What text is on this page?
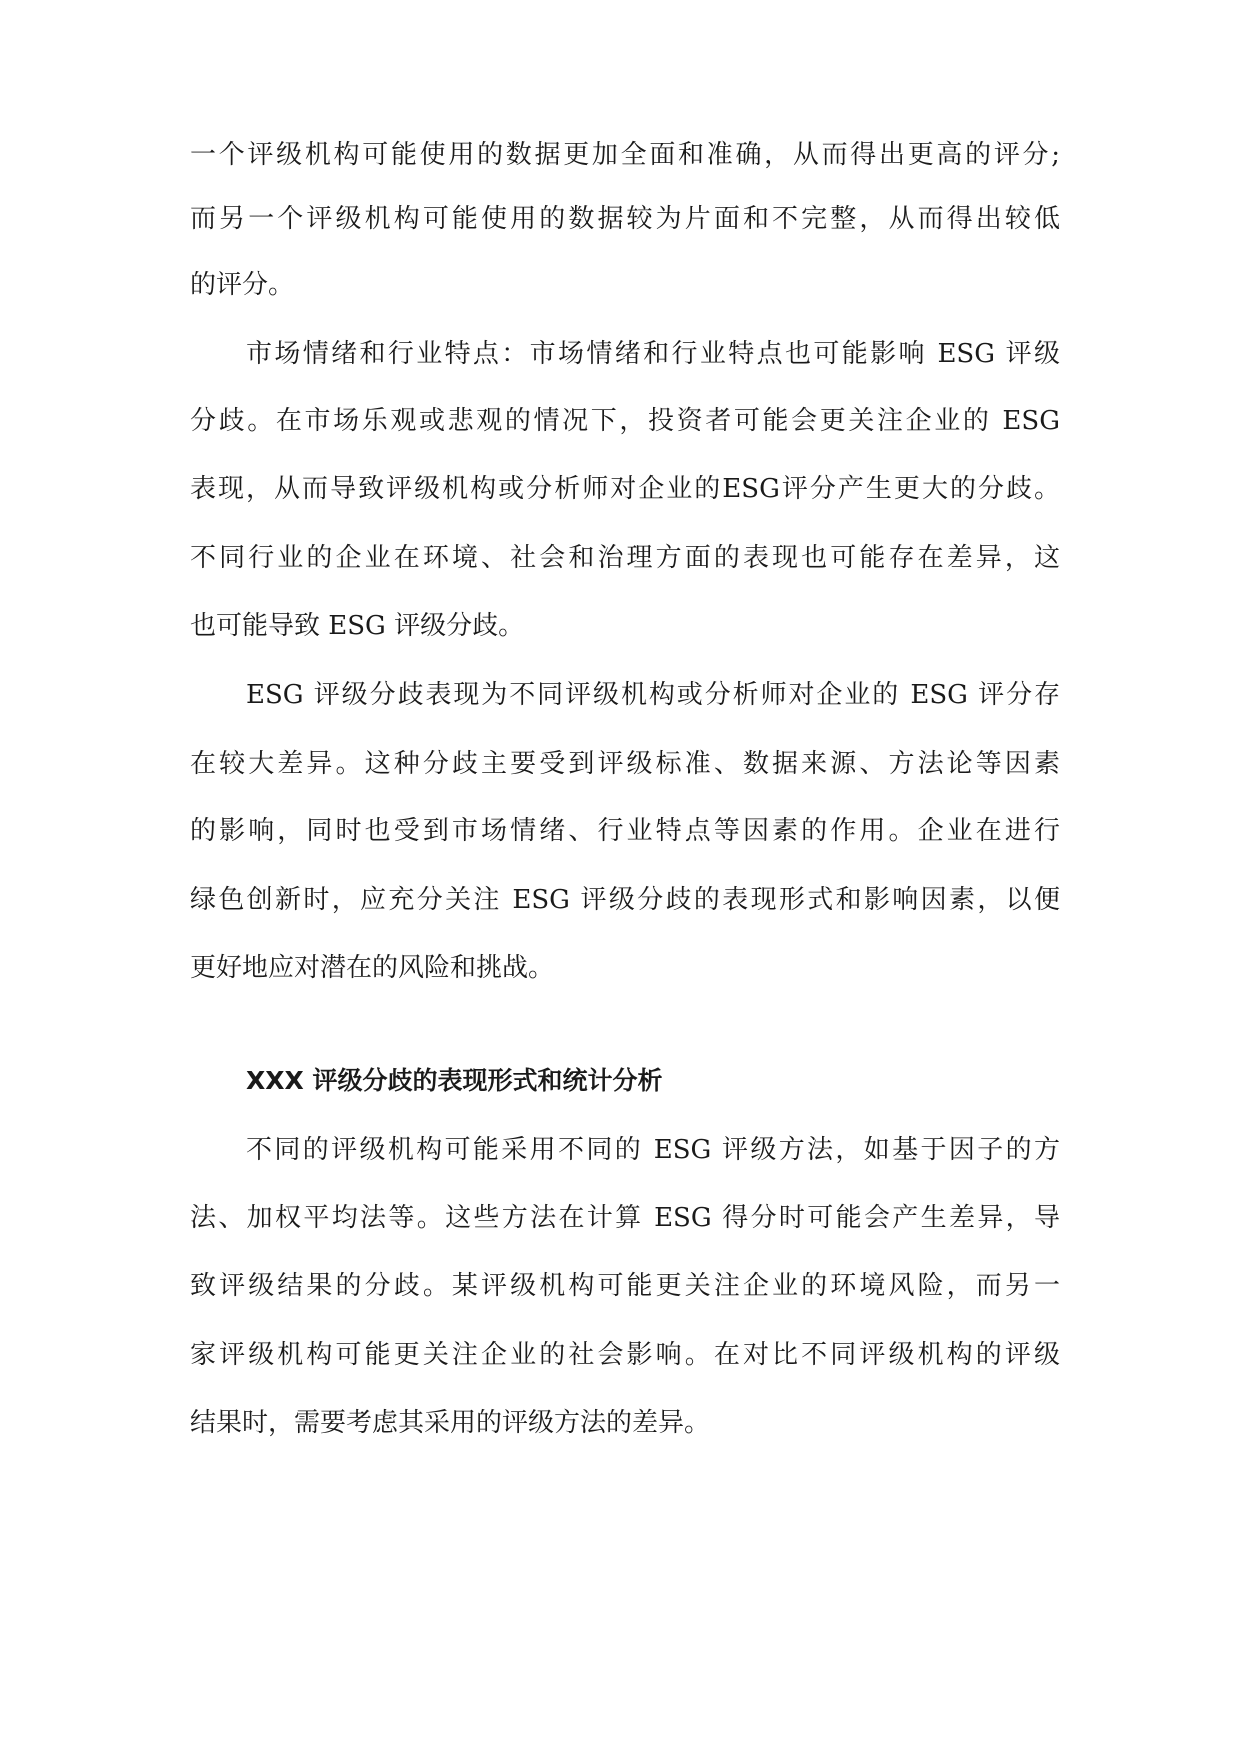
一个评级机构可能使用的数据更加全面和准确，从而得出更高的评分;

而另一个评级机构可能使用的数据较为片面和不完整，从而得出较低

的评分。

市场情绪和行业特点：市场情绪和行业特点也可能影响 ESG 评级

分歧。在市场乐观或悲观的情况下，投资者可能会更关注企业的 ESG

表现，从而导致评级机构或分析师对企业的ESG评分产生更大的分歧。

不同行业的企业在环境、社会和治理方面的表现也可能存在差异，这

也可能导致 ESG 评级分歧。

ESG 评级分歧表现为不同评级机构或分析师对企业的 ESG 评分存

在较大差异。这种分歧主要受到评级标准、数据来源、方法论等因素

的影响，同时也受到市场情绪、行业特点等因素的作用。企业在进行

绿色创新时，应充分关注 ESG 评级分歧的表现形式和影响因素，以便

更好地应对潜在的风险和挑战。

XXX 评级分歧的表现形式和统计分析

不同的评级机构可能采用不同的 ESG 评级方法，如基于因子的方

法、加权平均法等。这些方法在计算 ESG 得分时可能会产生差异，导

致评级结果的分歧。某评级机构可能更关注企业的环境风险，而另一

家评级机构可能更关注企业的社会影响。在对比不同评级机构的评级

结果时，需要考虑其采用的评级方法的差异。
